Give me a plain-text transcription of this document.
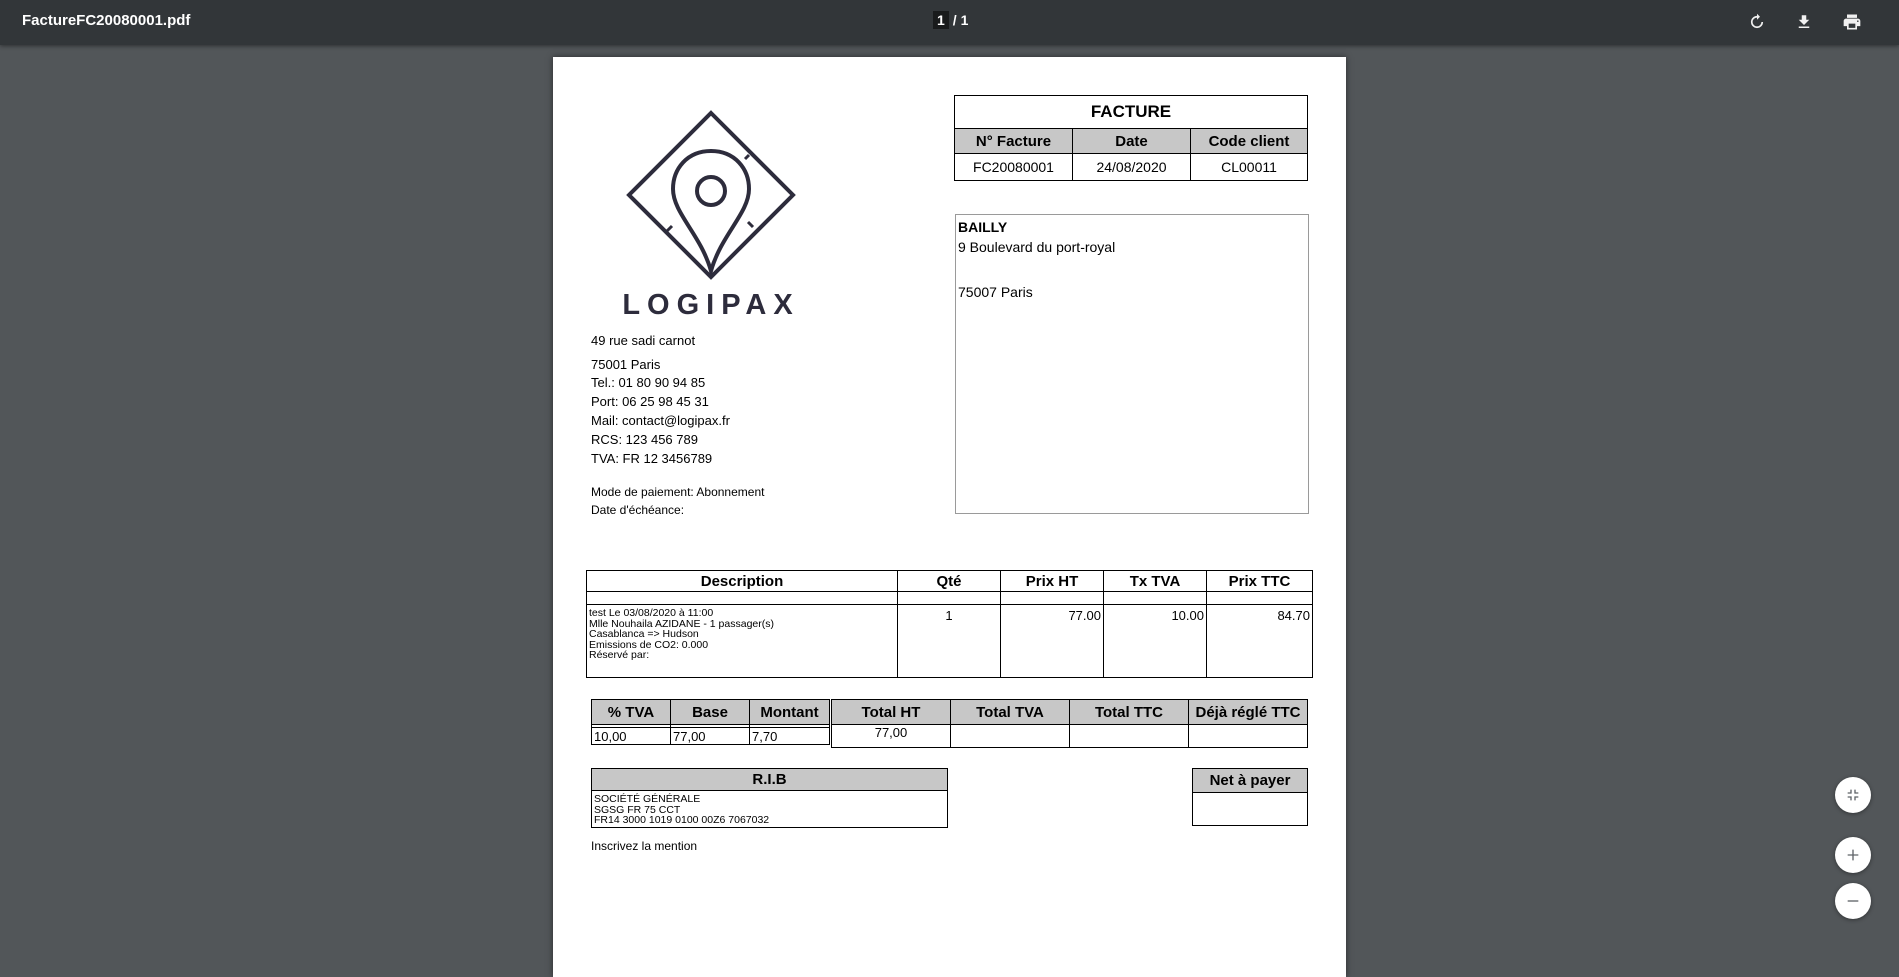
FactureFC20080001.pdf	1 / 1
LOGIPAX
49 rue sadi carnot
75001 Paris
Tel.: 01 80 90 94 85
Port: 06 25 98 45 31
Mail: contact@logipax.fr
RCS: 123 456 789
TVA: FR 12 3456789
Mode de paiement: Abonnement
Date d'échéance:
FACTURE		
N° Facture	Date	Code client
FC20080001	24/08/2020	CL00011
BAILLY
9 Boulevard du port-royal
75007 Paris
Description	Qté	Prix HT	Tx TVA	Prix TTC

test Le 03/08/2020 à 11:00
Mlle Nouhaila AZIDANE - 1 passager(s)
Casablanca => Hudson
Emissions de CO2: 0.000
Réservé par:	1	77.00	10.00	84.70
% TVA	Base	Montant

10,00	77,00	7,70
Total HT	Total TVA	Total TTC	Déjà réglé TTC
77,00			
R.I.B

SOCIÉTÉ GÉNÉRALE
SGSG FR 75 CCT
FR14 3000 1019 0100 00Z6 7067032
Net à payer

Inscrivez la mention
